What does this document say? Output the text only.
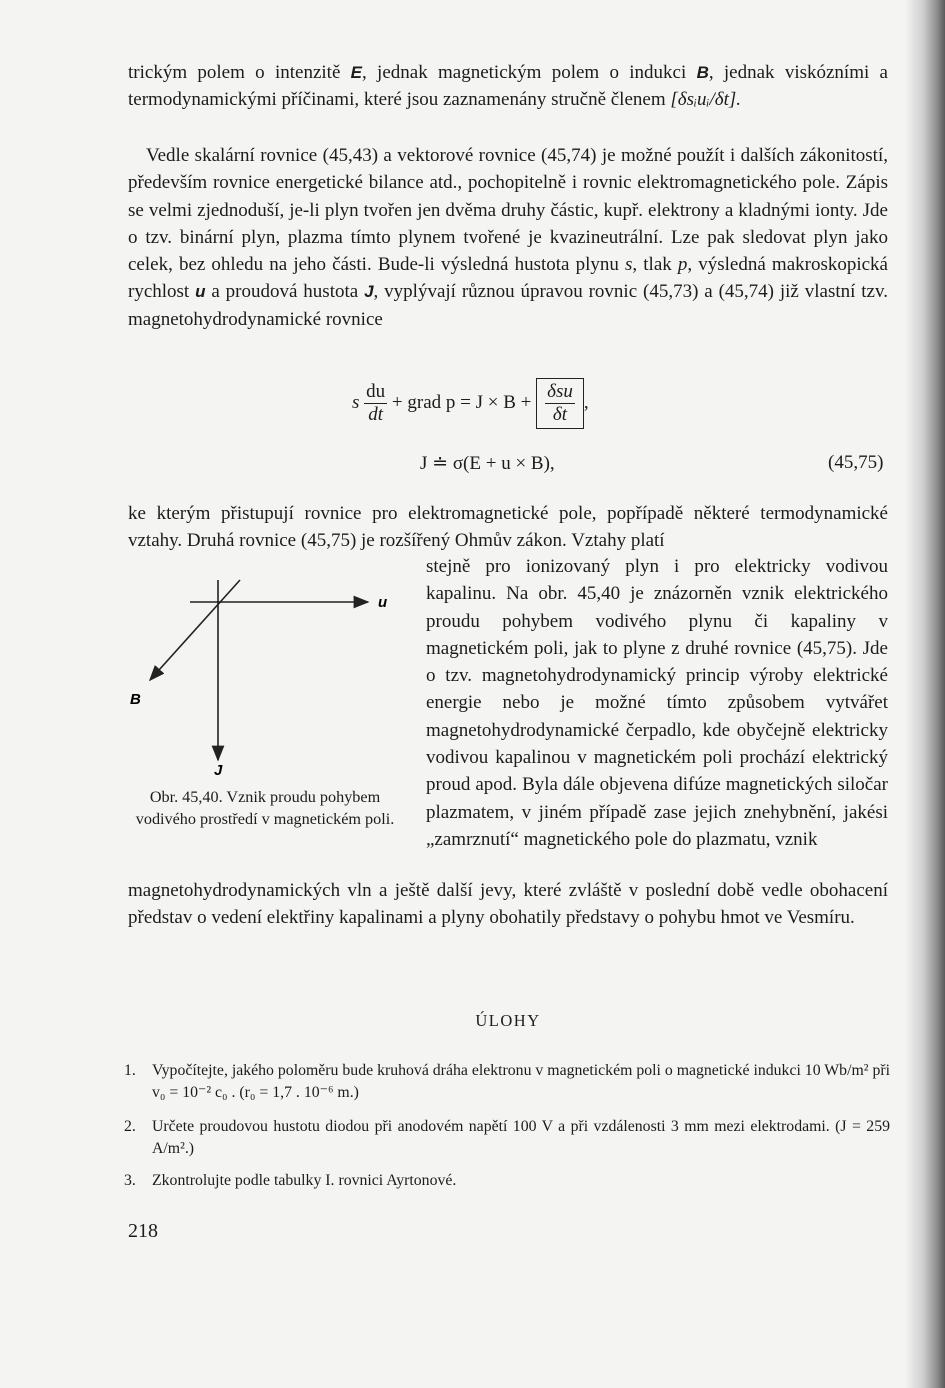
trickým polem o intenzitě E, jednak magnetickým polem o indukci B, jednak viskózními a termodynamickými příčinami, které jsou zaznamenány stručně členem [δsᵢuᵢ/δt].

Vedle skalární rovnice (45,43) a vektorové rovnice (45,74) je možné použít i dalších zákonitostí, především rovnice energetické bilance atd., pochopitelně i rovnic elektromagnetického pole. Zápis se velmi zjednoduší, je-li plyn tvořen jen dvěma druhy částic, kupř. elektrony a kladnými ionty. Jde o tzv. binární plyn, plazma tímto plynem tvořené je kvazineutrální. Lze pak sledovat plyn jako celek, bez ohledu na jeho části. Bude-li výsledná hustota plynu s, tlak p, výsledná makroskopická rychlost u a proudová hustota J, vyplývají různou úpravou rovnic (45,73) a (45,74) již vlastní tzv. magnetohydrodynamické rovnice

s $\frac{du}{dt}$ + grad $p = J \times B + \frac{\text{δsu}}{\delta t}$ ,
J ≐ σ(E + u × B),	(45,75)

ke kterým přistupují rovnice pro elektromagnetické pole, popřípadě některé termodynamické vztahy. Druhá rovnice (45,75) je rozšířený Ohmův zákon. Vztahy platí

u
B
J
Obr. 45,40. Vznik proudu pohybem vodivého prostředí v magnetickém poli.
stejně pro ionizovaný plyn i pro elektricky vodivou kapalinu. Na obr. 45,40 je znázorněn vznik elektrického proudu pohybem vodivého plynu či kapaliny v magnetickém poli, jak to plyne z druhé rovnice (45,75). Jde o tzv. magnetohydrodynamický princip výroby elektrické energie nebo je možné tímto způsobem vytvářet magnetohydrodynamické čerpadlo, kde obyčejně elektricky vodivou kapalinou v magnetickém poli prochází elektrický proud apod. Byla dále objevena difúze magnetických siločar plazmatem, v jiném případě zase jejich znehybnění, jakési „zamrznutí“ magnetického pole do plazmatu, vznik

magnetohydrodynamických vln a ještě další jevy, které zvláště v poslední době vedle obohacení představ o vedení elektřiny kapalinami a plyny obohatily představy o pohybu hmot ve Vesmíru.

ÚLOHY
1. Vypočítejte, jakého poloměru bude kruhová dráha elektronu v magnetickém poli o magnetické indukci 10 Wb/m² při v₀ = 10⁻² c₀ . (r₀ = 1,7 . 10⁻⁶ m.)
2. Určete proudovou hustotu diodou při anodovém napětí 100 V a při vzdálenosti 3 mm mezi elektrodami. (J = 259 A/m².)
3. Zkontrolujte podle tabulky I. rovnici Ayrtonové.
218
